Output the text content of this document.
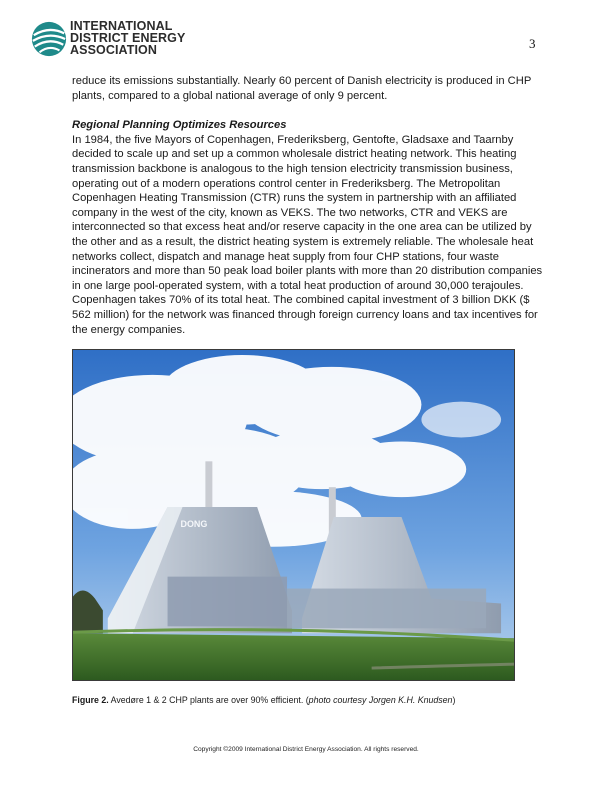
INTERNATIONAL
DISTRICT ENERGY
ASSOCIATION	3

reduce its emissions substantially. Nearly 60 percent of Danish electricity is produced in CHP plants, compared to a global national average of only 9 percent.

Regional Planning Optimizes Resources

In 1984, the five Mayors of Copenhagen, Frederiksberg, Gentofte, Gladsaxe and Taarnby decided to scale up and set up a common wholesale district heating network. This heating transmission backbone is analogous to the high tension electricity transmission business, operating out of a modern operations control center in Frederiksberg. The Metropolitan Copenhagen Heating Transmission (CTR) runs the system in partnership with an affiliated company in the west of the city, known as VEKS. The two networks, CTR and VEKS are interconnected so that excess heat and/or reserve capacity in the one area can be utilized by the other and as a result, the district heating system is extremely reliable. The wholesale heat networks collect, dispatch and manage heat supply from four CHP stations, four waste incinerators and more than 50 peak load boiler plants with more than 20 distribution companies in one large pool-operated system, with a total heat production of around 30,000 terajoules. Copenhagen takes 70% of its total heat. The combined capital investment of 3 billion DKK ($ 562 million) for the network was financed through foreign currency loans and tax incentives for the energy companies.

DONG
Figure 2. Avedøre 1 & 2 CHP plants are over 90% efficient. (photo courtesy Jorgen K.H. Knudsen)
Copyright ©2009 International District Energy Association. All rights reserved.
